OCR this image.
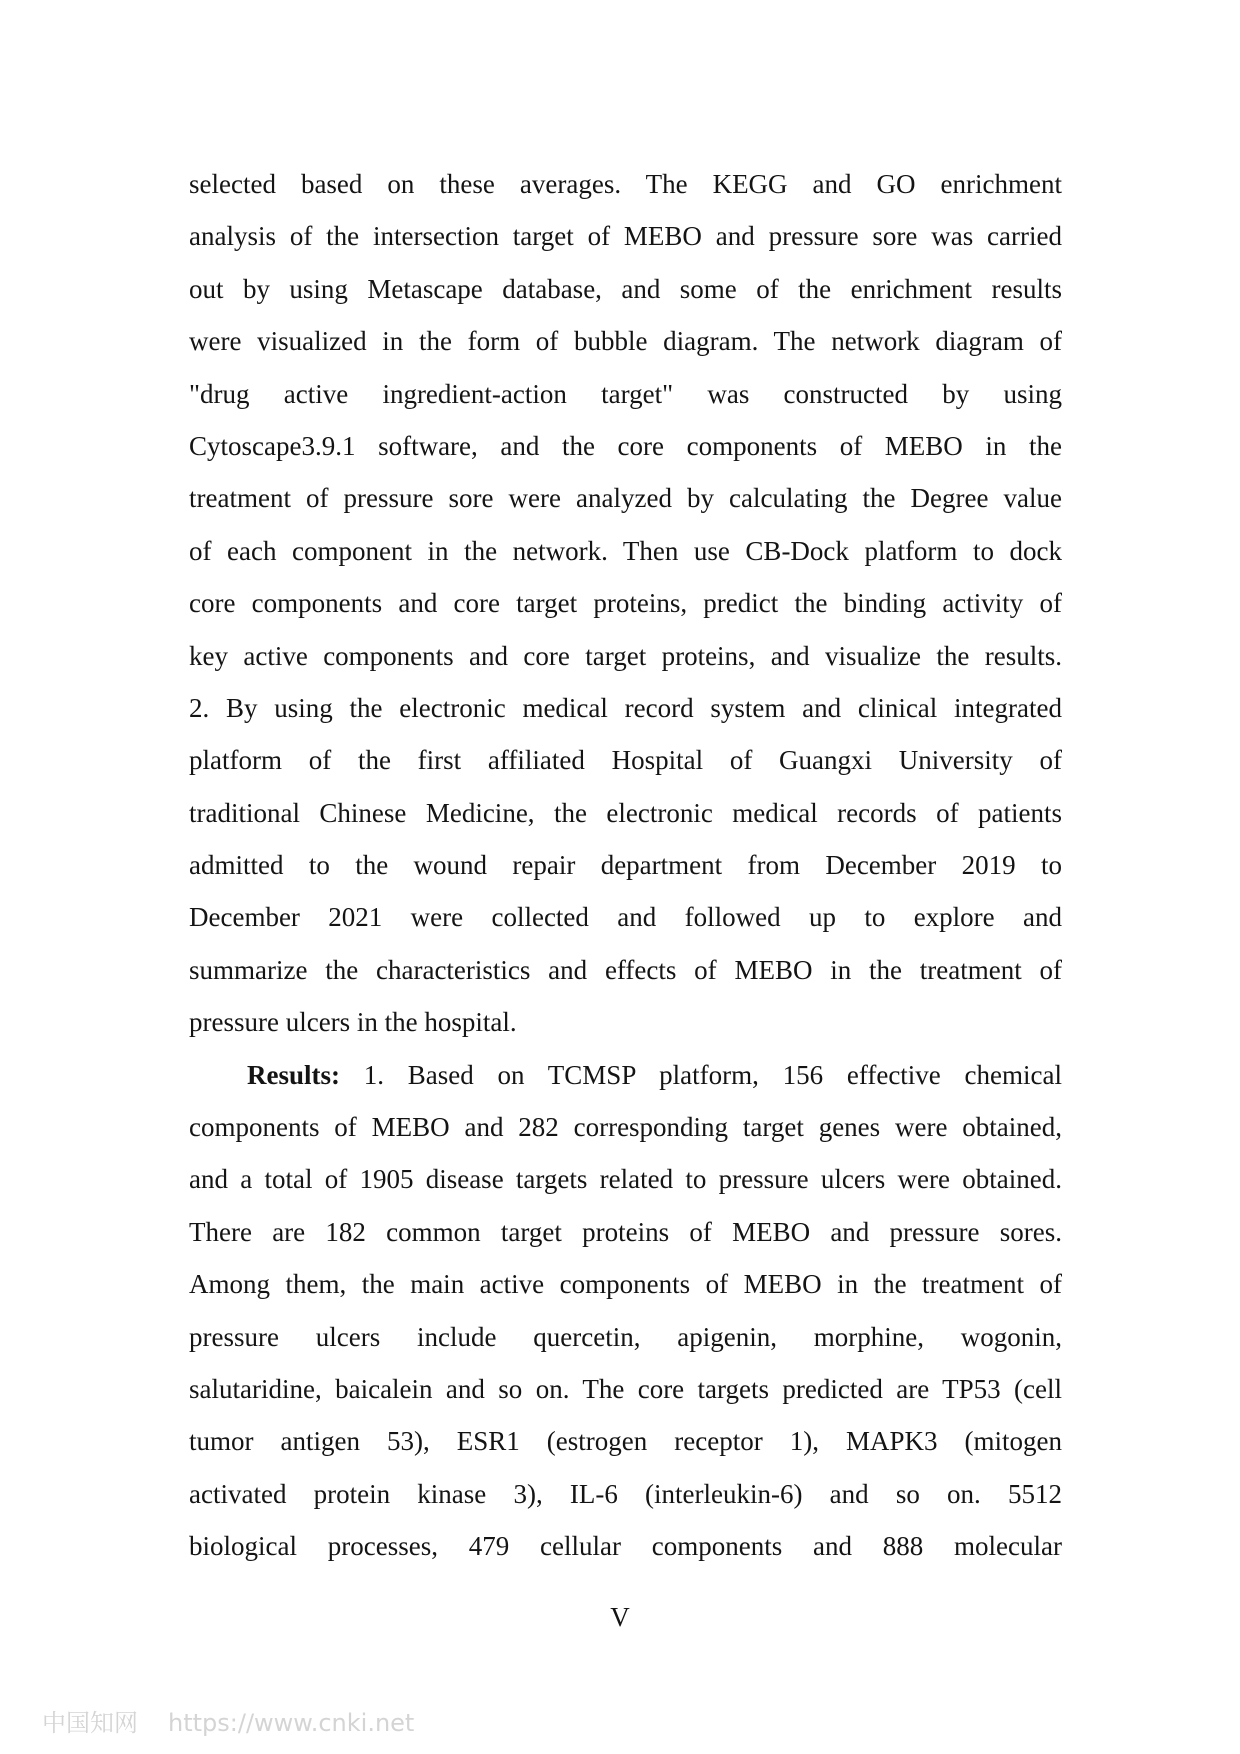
selected based on these averages. The KEGG and GO enrichment
analysis of the intersection target of MEBO and pressure sore was carried
out by using Metascape database, and some of the enrichment results
were visualized in the form of bubble diagram. The network diagram of
"drug active ingredient-action target" was constructed by using
Cytoscape3.9.1 software, and the core components of MEBO in the
treatment of pressure sore were analyzed by calculating the Degree value
of each component in the network. Then use CB-Dock platform to dock
core components and core target proteins, predict the binding activity of
key active components and core target proteins, and visualize the results.
2. By using the electronic medical record system and clinical integrated
platform of the first affiliated Hospital of Guangxi University of
traditional Chinese Medicine, the electronic medical records of patients
admitted to the wound repair department from December 2019 to
December 2021 were collected and followed up to explore and
summarize the characteristics and effects of MEBO in the treatment of
pressure ulcers in the hospital.
Results: 1. Based on TCMSP platform, 156 effective chemical
components of MEBO and 282 corresponding target genes were obtained,
and a total of 1905 disease targets related to pressure ulcers were obtained.
There are 182 common target proteins of MEBO and pressure sores.
Among them, the main active components of MEBO in the treatment of
pressure ulcers include quercetin, apigenin, morphine, wogonin,
salutaridine, baicalein and so on. The core targets predicted are TP53 (cell
tumor antigen 53), ESR1 (estrogen receptor 1), MAPK3 (mitogen
activated protein kinase 3), IL-6 (interleukin-6) and so on. 5512
biological processes, 479 cellular components and 888 molecular
V
中国知网 https://www.cnki.net
